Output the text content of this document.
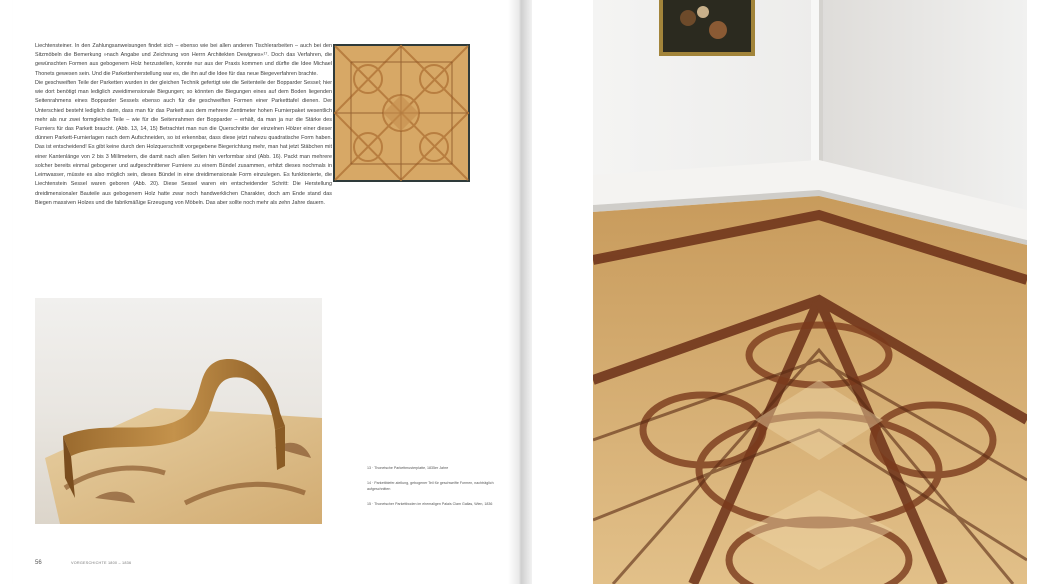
Liechtensteiner. In den Zahlungsanweisungen findet sich – ebenso wie bei allen anderen Tischlerarbeiten – auch bei den Sitzmöbeln die Bemerkung »nach Angabe und Zeichnung von Herrn Architekten Dewignes«¹⁷. Doch das Verfahren, die gewünschten Formen aus gebogenem Holz herzustellen, konnte nur aus der Praxis kommen und dürfte die Idee Michael Thonets gewesen sein. Und die Parkettenherstellung war es, die ihn auf die Idee für das neue Biegeverfahren brachte.

Die geschweiften Teile der Parketten wurden in der gleichen Technik gefertigt wie die Seitenteile der Bopparder Sessel; hier wie dort benötigt man lediglich zweidimensionale Biegungen; so könnten die Biegungen eines auf dem Boden liegenden Seitenrahmens eines Bopparder Sessels ebenso auch für die geschweiften Formen einer Parketttafel dienen. Der Unterschied besteht lediglich darin, dass man für das Parkett aus dem mehrere Zentimeter hohen Furnierpaket wesentlich mehr als nur zwei formgleiche Teile – wie für die Seitenrahmen der Bopparder – erhält, da man ja nur die Stärke des Furniers für das Parkett braucht. (Abb. 13, 14, 15) Betrachtet man nun die Querschnitte der einzelnen Hölzer einer dieser dünnen Parkett-Furnierlagen nach dem Aufschneiden, so ist erkennbar, dass diese jetzt nahezu quadratische Form haben. Das ist entscheidend! Es gibt keine durch den Holzquerschnitt vorgegebene Biegerichtung mehr, man hat jetzt Stäbchen mit einer Kantenlänge von 2 bis 3 Millimetern, die damit nach allen Seiten hin verformbar sind (Abb. 16). Packt man mehrere solcher bereits einmal gebogener und aufgeschnittener Furniere zu einem Bündel zusammen, erhitzt dieses nochmals in Leimwasser, müsste es also möglich sein, dieses Bündel in eine dreidimensionale Form einzulegen. Es funktionierte, die Liechtenstein Sessel waren geboren (Abb. 20). Diese Sessel waren ein entscheidender Schritt: Die Herstellung dreidimensionaler Bauteile aus gebogenem Holz hatte zwar noch handwerklichen Charakter, doch am Ende stand das Biegen massiven Holzes und die fabrikmäßige Erzeugung von Möbeln. Das aber sollte noch mehr als zehn Jahre dauern.

13 · Thonetsche Parkettmusterplatte, 1835er Jahre

14 · Parkettbiefer-stellung, gebogener Teil für geschweifte Formen, nachträglich aufgeschnitten

15 · Thonetscher Parkettboden im ehemaligen Palais Clam Gallas, Wien, 1836

56	VORGESCHICHTE 1800 – 1836
